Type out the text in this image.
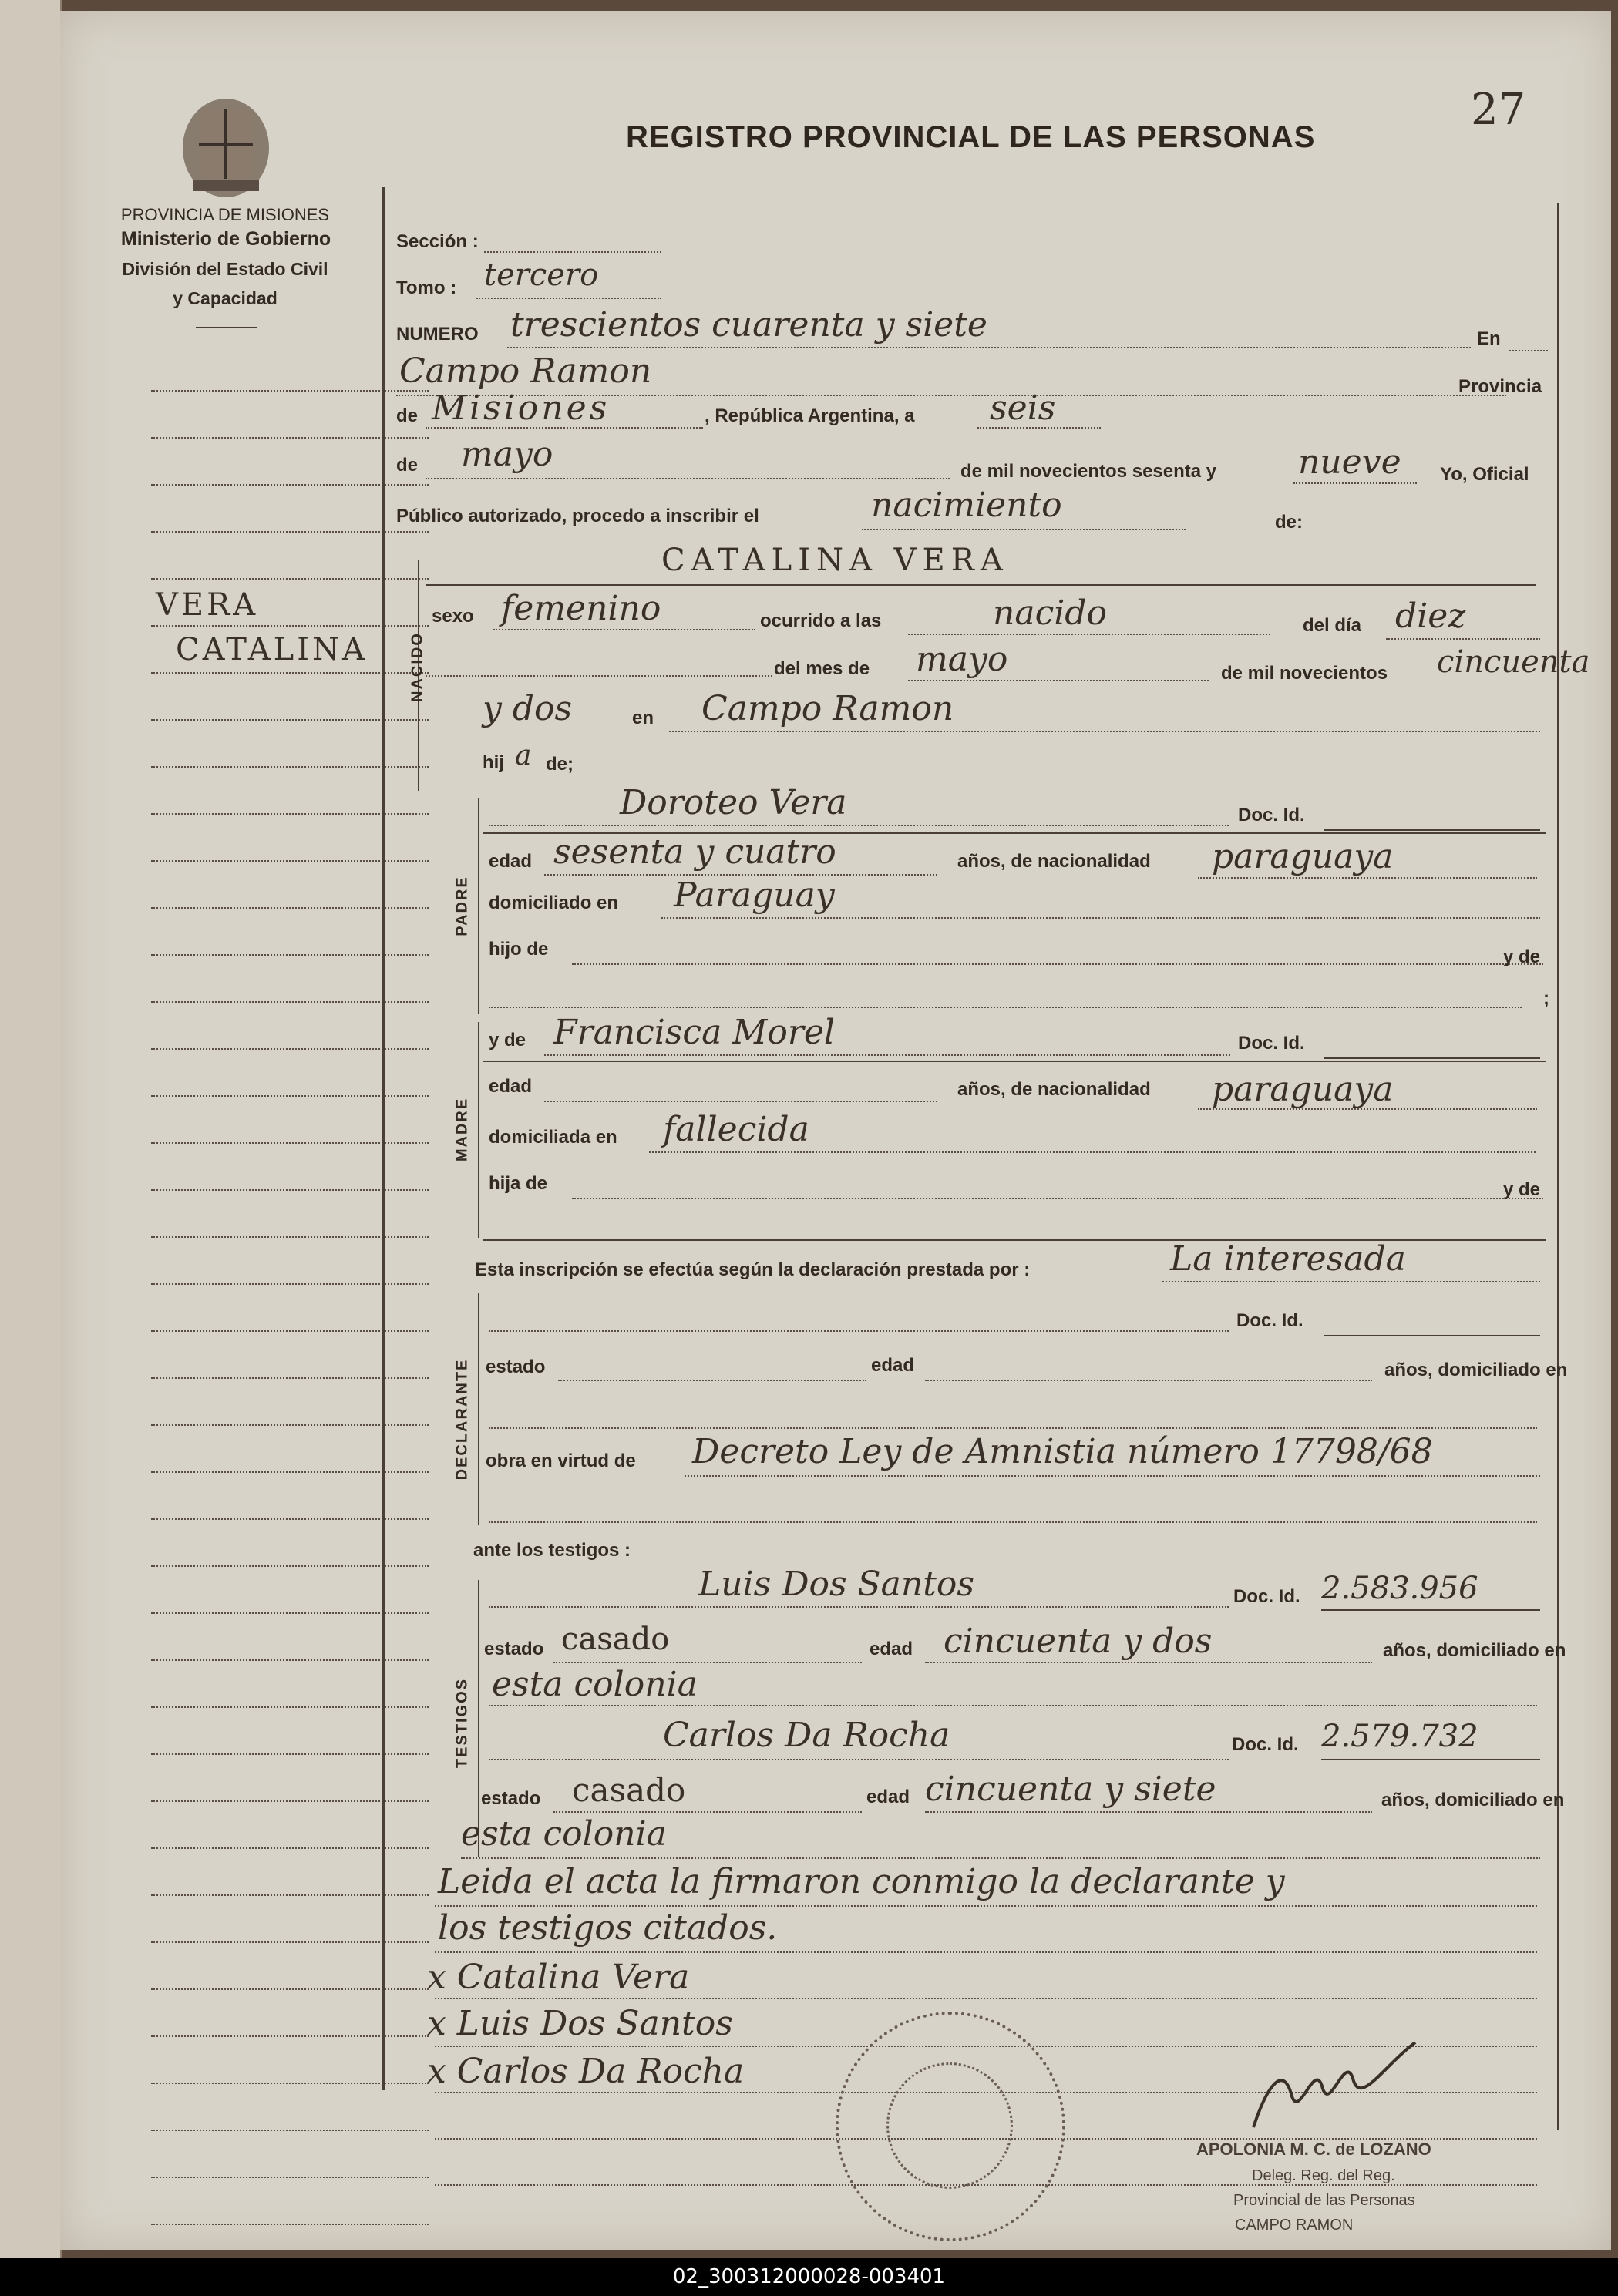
PROVINCIA DE MISIONES
Ministerio de Gobierno
División del Estado Civil
y Capacidad
REGISTRO PROVINCIAL DE LAS PERSONAS
27
VERA
CATALINA
Sección :
Tomo : tercero
NUMERO trescientos cuarenta y siete	En
Campo Ramon	Provincia
de Misiones	, República Argentina, a seis
de mayo	de mil novecientos sesenta y nueve Yo, Oficial
Público autorizado, procedo a inscribir el	nacimiento	de:
NACIDO
CATALINA VERA
sexo femenino	ocurrido a las	nacido	del día diez
del mes de mayo	de mil novecientos cincuenta
y dos	en Campo Ramon
hij a de;
PADRE
Doroteo Vera	Doc. Id.
edad sesenta y cuatro	años, de nacionalidad paraguaya
domiciliado en Paraguay
hijo de	y de
;
MADRE
y de Francisca Morel	Doc. Id.
edad	años, de nacionalidad paraguaya
domiciliada en fallecida
hija de	y de
Esta inscripción se efectúa según la declaración prestada por :	La interesada
DECLARANTE
Doc. Id.
estado	edad	años, domiciliado en
obra en virtud de Decreto Ley de Amnistia número 17798/68
ante los testigos :
TESTIGOS
Luis Dos Santos	Doc. Id. 2.583.956
estado casado	edad cincuenta y dos	años, domiciliado en
esta colonia
Carlos Da Rocha	Doc. Id. 2.579.732
estado casado	edad cincuenta y siete	años, domiciliado en
esta colonia
Leida el acta la firmaron conmigo la declarante y
los testigos citados.
x Catalina Vera
x Luis Dos Santos
x Carlos Da Rocha
APOLONIA M. C. de LOZANO
Deleg. Reg. del Reg.
Provincial de las Personas
CAMPO RAMON
02_300312000028-003401
